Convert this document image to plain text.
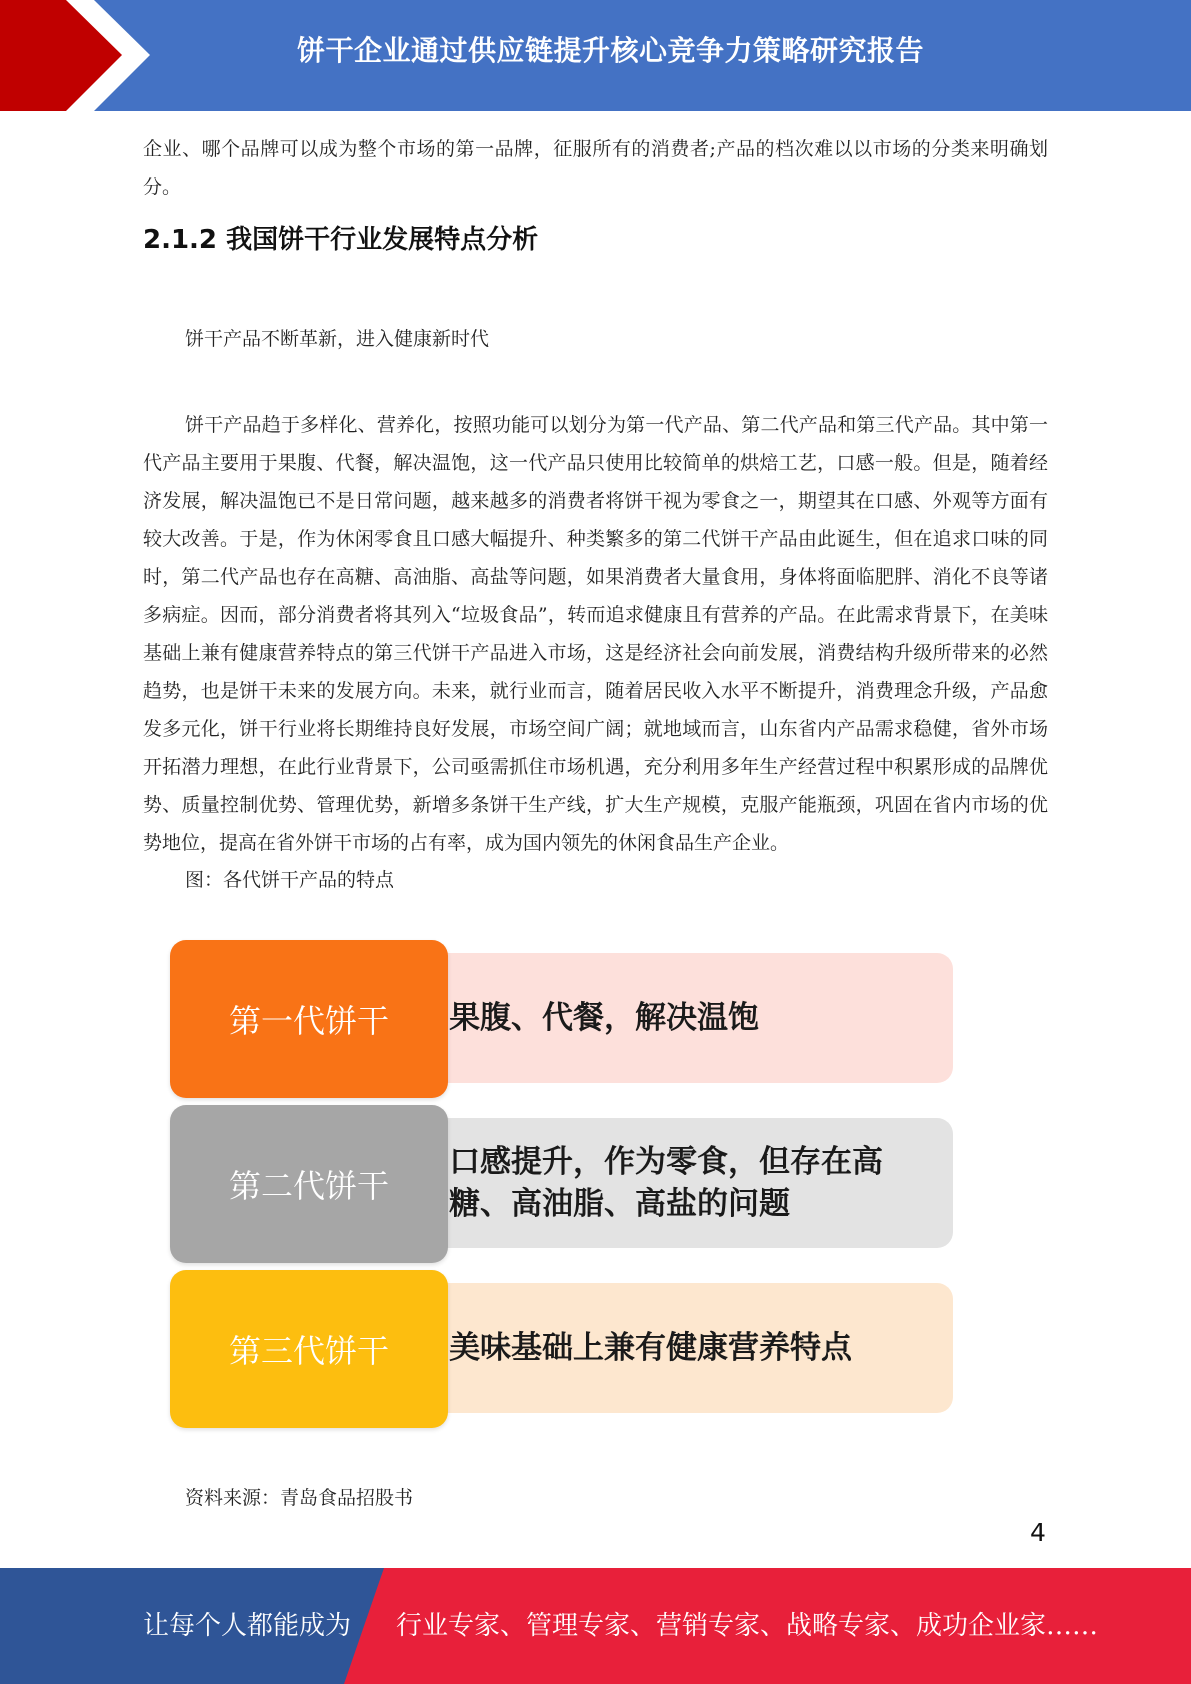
饼干企业通过供应链提升核心竞争力策略研究报告

企业、哪个品牌可以成为整个市场的第一品牌，征服所有的消费者;产品的档次难以以市场的分类来明确划分。

2.1.2 我国饼干行业发展特点分析

饼干产品不断革新，进入健康新时代

饼干产品趋于多样化、营养化，按照功能可以划分为第一代产品、第二代产品和第三代产品。其中第一代产品主要用于果腹、代餐，解决温饱，这一代产品只使用比较简单的烘焙工艺，口感一般。但是，随着经济发展，解决温饱已不是日常问题，越来越多的消费者将饼干视为零食之一，期望其在口感、外观等方面有较大改善。于是，作为休闲零食且口感大幅提升、种类繁多的第二代饼干产品由此诞生，但在追求口味的同时，第二代产品也存在高糖、高油脂、高盐等问题，如果消费者大量食用，身体将面临肥胖、消化不良等诸多病症。因而，部分消费者将其列入“垃圾食品”，转而追求健康且有营养的产品。在此需求背景下，在美味基础上兼有健康营养特点的第三代饼干产品进入市场，这是经济社会向前发展，消费结构升级所带来的必然趋势，也是饼干未来的发展方向。未来，就行业而言，随着居民收入水平不断提升，消费理念升级，产品愈发多元化，饼干行业将长期维持良好发展，市场空间广阔；就地域而言，山东省内产品需求稳健，省外市场开拓潜力理想，在此行业背景下，公司亟需抓住市场机遇，充分利用多年生产经营过程中积累形成的品牌优势、质量控制优势、管理优势，新增多条饼干生产线，扩大生产规模，克服产能瓶颈，巩固在省内市场的优势地位，提高在省外饼干市场的占有率，成为国内领先的休闲食品生产企业。

图：各代饼干产品的特点

果腹、代餐，解决温饱
第一代饼干
口感提升，作为零食，但存在高糖、高油脂、高盐的问题
第二代饼干
美味基础上兼有健康营养特点
第三代饼干
资料来源：青岛食品招股书
4
让每个人都能成为 行业专家、管理专家、营销专家、战略专家、成功企业家……
